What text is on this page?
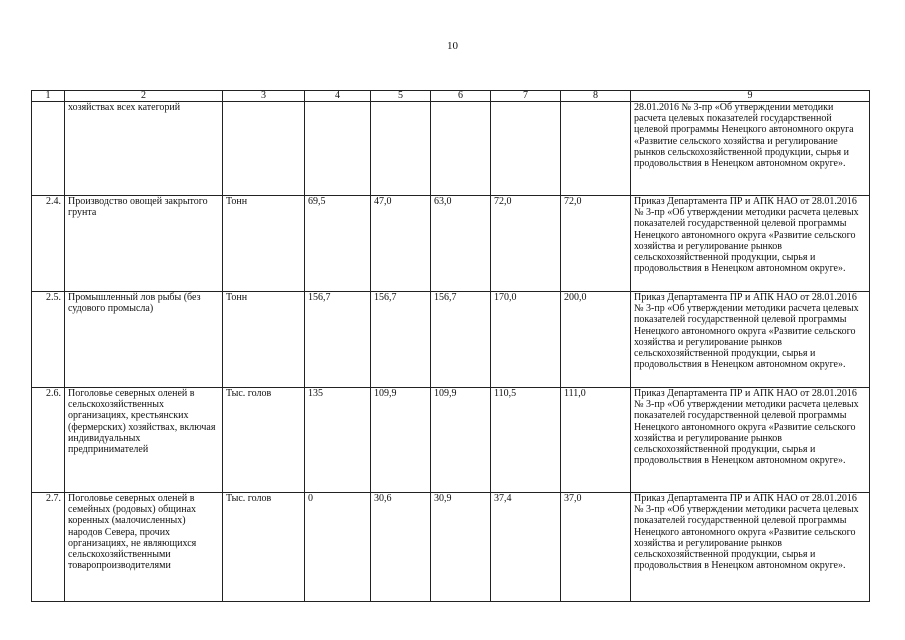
10
1	2	3	4	5	6	7	8	9
	хозяйствах всех категорий							28.01.2016 № 3-пр «Об утверждении методики расчета целевых показателей государственной целевой программы Ненецкого автономного округа «Развитие сельского хозяйства и регулирование рынков сельскохозяйственной продукции, сырья и продовольствия в Ненецком автономном округе».
2.4.	Производство овощей закрытого грунта	Тонн	69,5	47,0	63,0	72,0	72,0	Приказ Департамента ПР и АПК НАО от 28.01.2016 № 3-пр «Об утверждении методики расчета целевых показателей государственной целевой программы Ненецкого автономного округа «Развитие сельского хозяйства и регулирование рынков сельскохозяйственной продукции, сырья и продовольствия в Ненецком автономном округе».
2.5.	Промышленный лов рыбы (без судового промысла)	Тонн	156,7	156,7	156,7	170,0	200,0	Приказ Департамента ПР и АПК НАО от 28.01.2016 № 3-пр «Об утверждении методики расчета целевых показателей государственной целевой программы Ненецкого автономного округа «Развитие сельского хозяйства и регулирование рынков сельскохозяйственной продукции, сырья и продовольствия в Ненецком автономном округе».
2.6.	Поголовье северных оленей в сельскохозяйственных организациях, крестьянских (фермерских) хозяйствах, включая индивидуальных предпринимателей	Тыс. голов	135	109,9	109,9	110,5	111,0	Приказ Департамента ПР и АПК НАО от 28.01.2016 № 3-пр «Об утверждении методики расчета целевых показателей государственной целевой программы Ненецкого автономного округа «Развитие сельского хозяйства и регулирование рынков сельскохозяйственной продукции, сырья и продовольствия в Ненецком автономном округе».
2.7.	Поголовье северных оленей в семейных (родовых) общинах коренных (малочисленных) народов Севера, прочих организациях, не являющихся сельскохозяйственными товаропроизводителями	Тыс. голов	0	30,6	30,9	37,4	37,0	Приказ Департамента ПР и АПК НАО от 28.01.2016 № 3-пр «Об утверждении методики расчета целевых показателей государственной целевой программы Ненецкого автономного округа «Развитие сельского хозяйства и регулирование рынков сельскохозяйственной продукции, сырья и продовольствия в Ненецком автономном округе».
